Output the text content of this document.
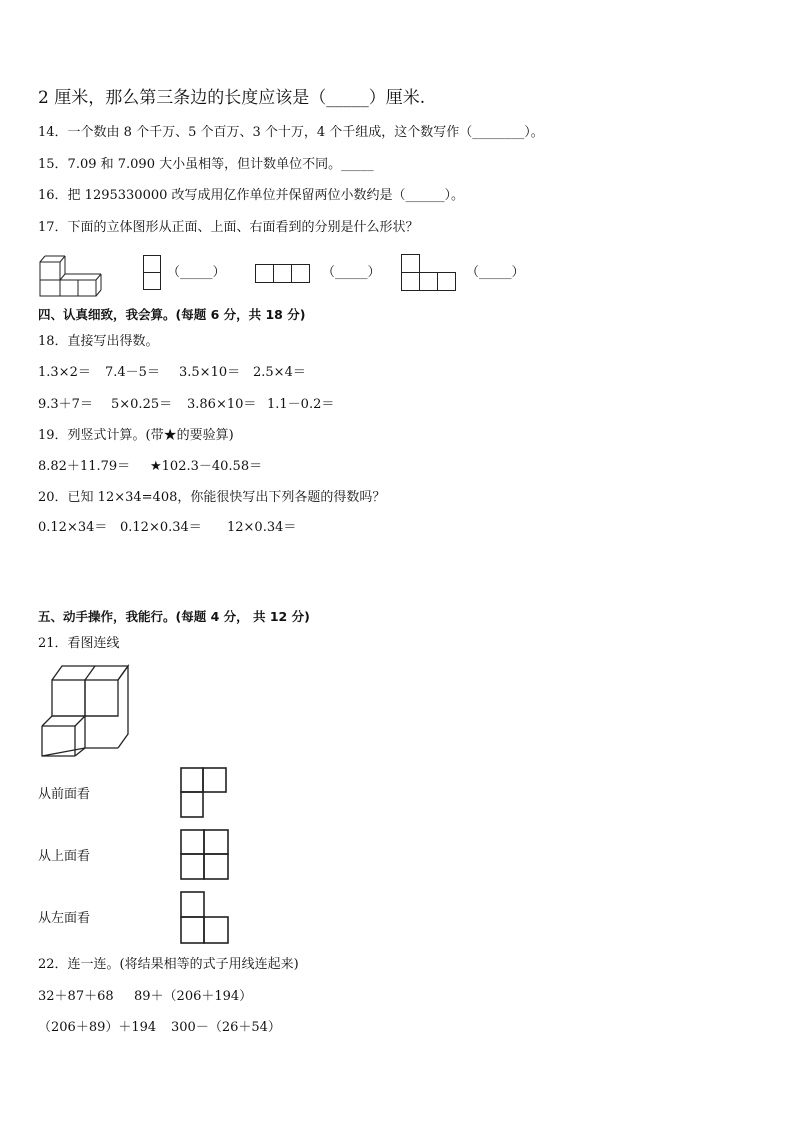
2 厘米，那么第三条边的长度应该是（_____）厘米.
14．一个数由 8 个千万、5 个百万、3 个十万，4 个千组成，这个数写作（________）。
15．7.09 和 7.090 大小虽相等，但计数单位不同。_____
16．把 1295330000 改写成用亿作单位并保留两位小数约是（______）。
17．下面的立体图形从正面、上面、右面看到的分别是什么形状？
（_____）	（_____）	（_____）
四、认真细致，我会算。(每题 6 分，共 18 分)
18．直接写出得数。
1.3×2＝ 7.4－5＝ 3.5×10＝ 2.5×4＝
9.3＋7＝ 5×0.25＝ 3.86×10＝ 1.1－0.2＝
19．列竖式计算。(带★的要验算)
8.82＋11.79＝ ★102.3－40.58＝
20．已知 12×34=408，你能很快写出下列各题的得数吗？
0.12×34＝ 0.12×0.34＝ 12×0.34＝
五、动手操作，我能行。(每题 4 分， 共 12 分)
21．看图连线
从前面看
从上面看
从左面看
22．连一连。(将结果相等的式子用线连起来)
32＋87＋68 89＋（206＋194）
（206＋89）＋194 300－（26＋54）
